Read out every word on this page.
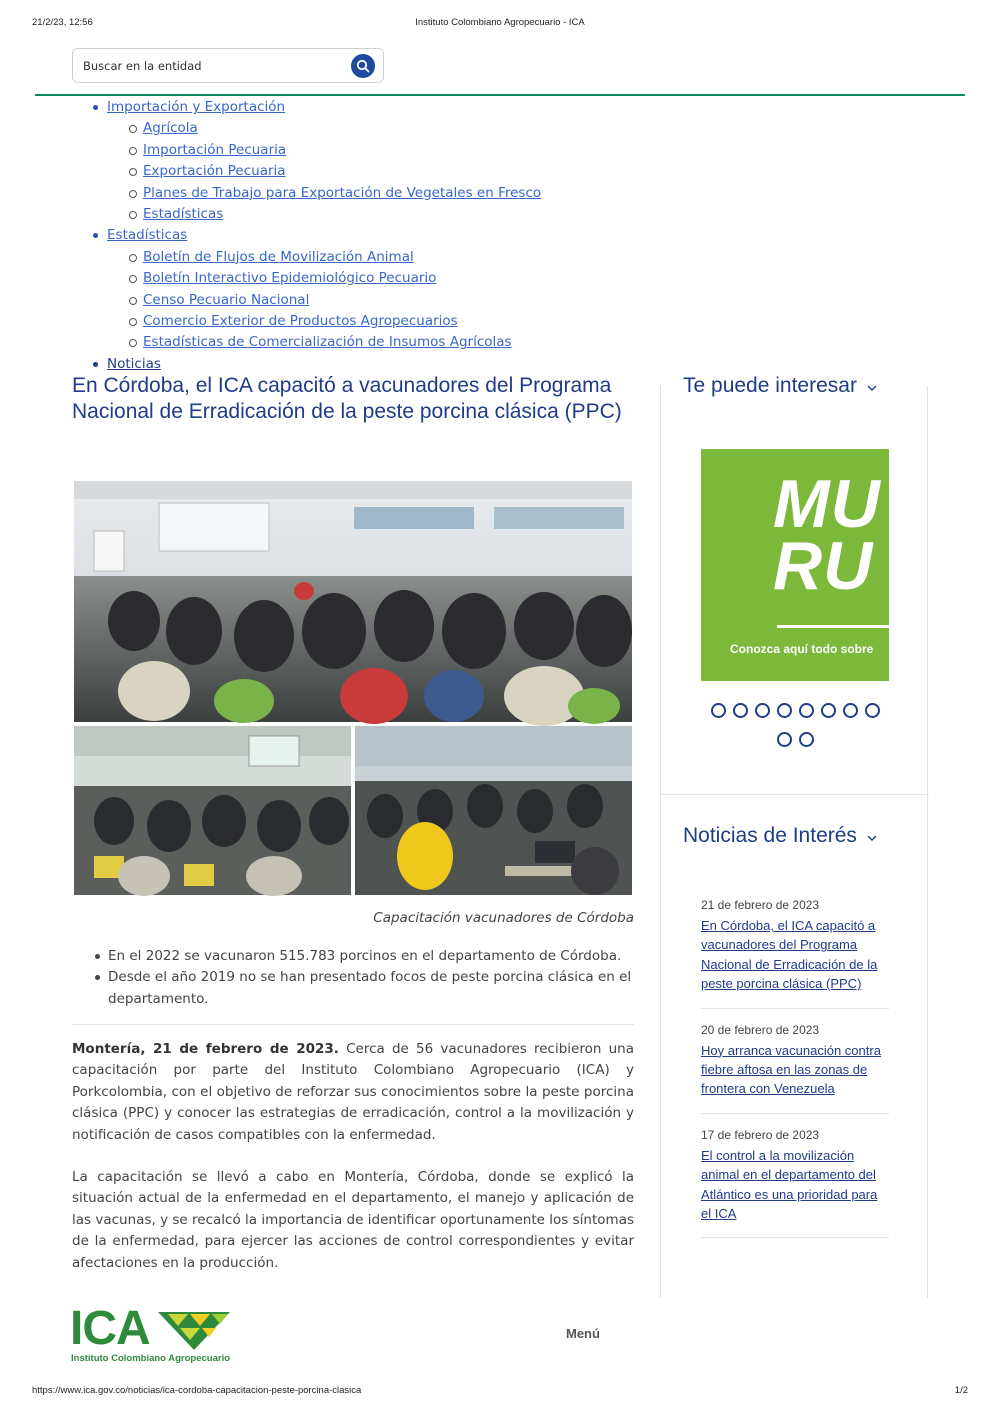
21/2/23, 12:56	Instituto Colombiano Agropecuario - ICA
Buscar en la entidad
Importación y Exportación
Agrícola
Importación Pecuaria
Exportación Pecuaria
Planes de Trabajo para Exportación de Vegetales en Fresco
Estadísticas
Estadísticas
Boletín de Flujos de Movilización Animal
Boletín Interactivo Epidemiológico Pecuario
Censo Pecuario Nacional
Comercio Exterior de Productos Agropecuarios
Estadísticas de Comercialización de Insumos Agrícolas
Noticias
En Córdoba, el ICA capacitó a vacunadores del Programa Nacional de Erradicación de la peste porcina clásica (PPC)

Capacitación vacunadores de Córdoba

En el 2022 se vacunaron 515.783 porcinos en el departamento de Córdoba.
Desde el año 2019 no se han presentado focos de peste porcina clásica en el departamento.

Montería, 21 de febrero de 2023. Cerca de 56 vacunadores recibieron una capacitación por parte del Instituto Colombiano Agropecuario (ICA) y Porkcolombia, con el objetivo de reforzar sus conocimientos sobre la peste porcina clásica (PPC) y conocer las estrategias de erradicación, control a la movilización y notificación de casos compatibles con la enfermedad.

La capacitación se llevó a cabo en Montería, Córdoba, donde se explicó la situación actual de la enfermedad en el departamento, el manejo y aplicación de las vacunas, y se recalcó la importancia de identificar oportunamente los síntomas de la enfermedad, para ejercer las acciones de control correspondientes y evitar afectaciones en la producción.

Te puede interesar
MU
RU
Conozca aquí todo sobre

Noticias de Interés
21 de febrero de 2023
En Córdoba, el ICA capacitó a vacunadores del Programa Nacional de Erradicación de la peste porcina clásica (PPC)
20 de febrero de 2023
Hoy arranca vacunación contra fiebre aftosa en las zonas de frontera con Venezuela
17 de febrero de 2023
El control a la movilización animal en el departamento del Atlántico es una prioridad para el ICA
ICA
Instituto Colombiano Agropecuario
Menú
https://www.ica.gov.co/noticias/ica-cordoba-capacitacion-peste-porcina-clasica	1/2
